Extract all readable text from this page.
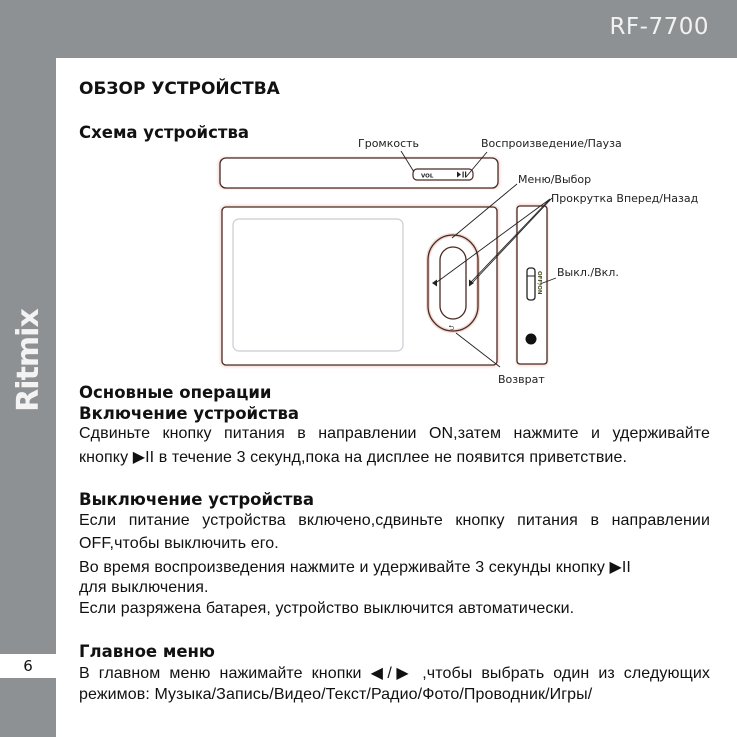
RF-7700
Ritmix
6
ОБЗОР УСТРОЙСТВА
Схема устройства
VOL
⮌
OFF/ON
Громкость	Воспроизведение/Пауза
Меню/Выбор
Прокрутка Вперед/Назад
Выкл./Вкл.
Возврат
Основные операции
Включение устройства
Сдвиньте кнопку питания в направлении ON,затем нажмите и удерживайте
кнопку ▶II в течение 3 секунд,пока на дисплее не появится приветствие.
Выключение устройства
Если питание устройства включено,сдвиньте кнопку питания в направлении
OFF,чтобы выключить его.
Во время воспроизведения нажмите и удерживайте 3 секунды кнопку ▶II
для выключения.
Если разряжена батарея, устройство выключится автоматически.
Главное меню
В главном меню нажимайте кнопки ◀/▶ ,чтобы выбрать один из следующих
режимов: Музыка/Запись/Видео/Текст/Радио/Фото/Проводник/Игры/
